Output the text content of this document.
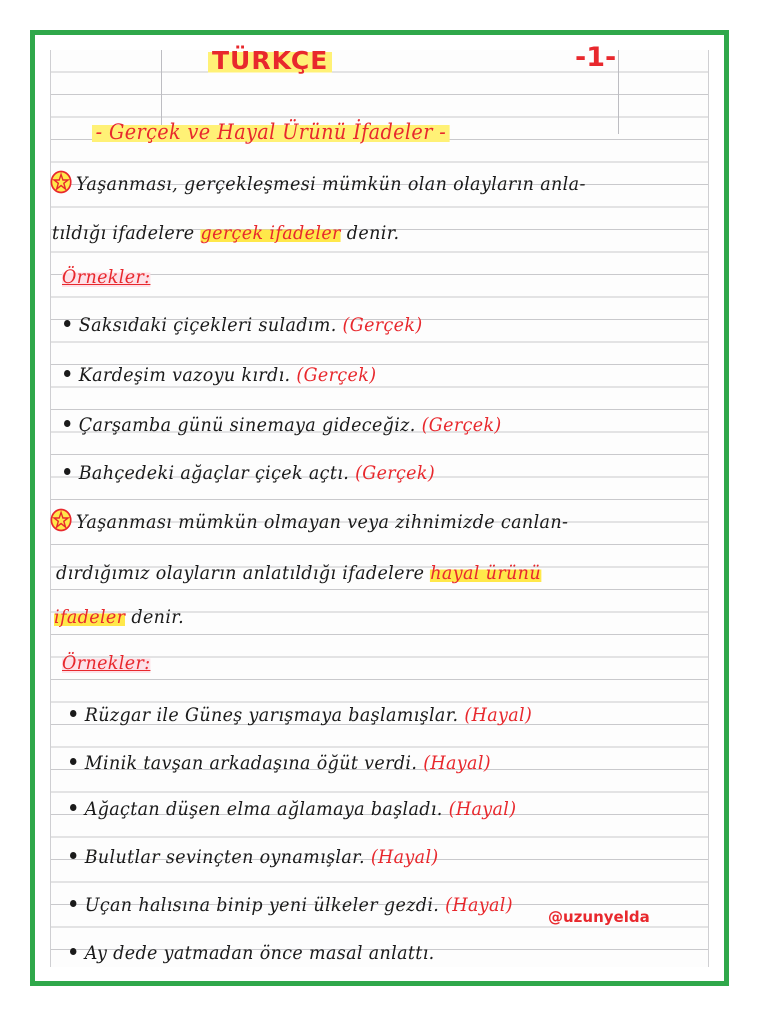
TÜRKÇE	-1-
- Gerçek ve Hayal Ürünü İfadeler -
Yaşanması, gerçekleşmesi mümkün olan olayların anla-
tıldığı ifadelere gerçek ifadeler denir.
Örnekler:
Saksıdaki çiçekleri suladım. (Gerçek)
Kardeşim vazoyu kırdı. (Gerçek)
Çarşamba günü sinemaya gideceğiz. (Gerçek)
Bahçedeki ağaçlar çiçek açtı. (Gerçek)
Yaşanması mümkün olmayan veya zihnimizde canlan-
dırdığımız olayların anlatıldığı ifadelere hayal ürünü
ifadeler denir.
Örnekler:
Rüzgar ile Güneş yarışmaya başlamışlar. (Hayal)
Minik tavşan arkadaşına öğüt verdi. (Hayal)
Ağaçtan düşen elma ağlamaya başladı. (Hayal)
Bulutlar sevinçten oynamışlar. (Hayal)
Uçan halısına binip yeni ülkeler gezdi. (Hayal)
Ay dede yatmadan önce masal anlattı.
@uzunyelda
